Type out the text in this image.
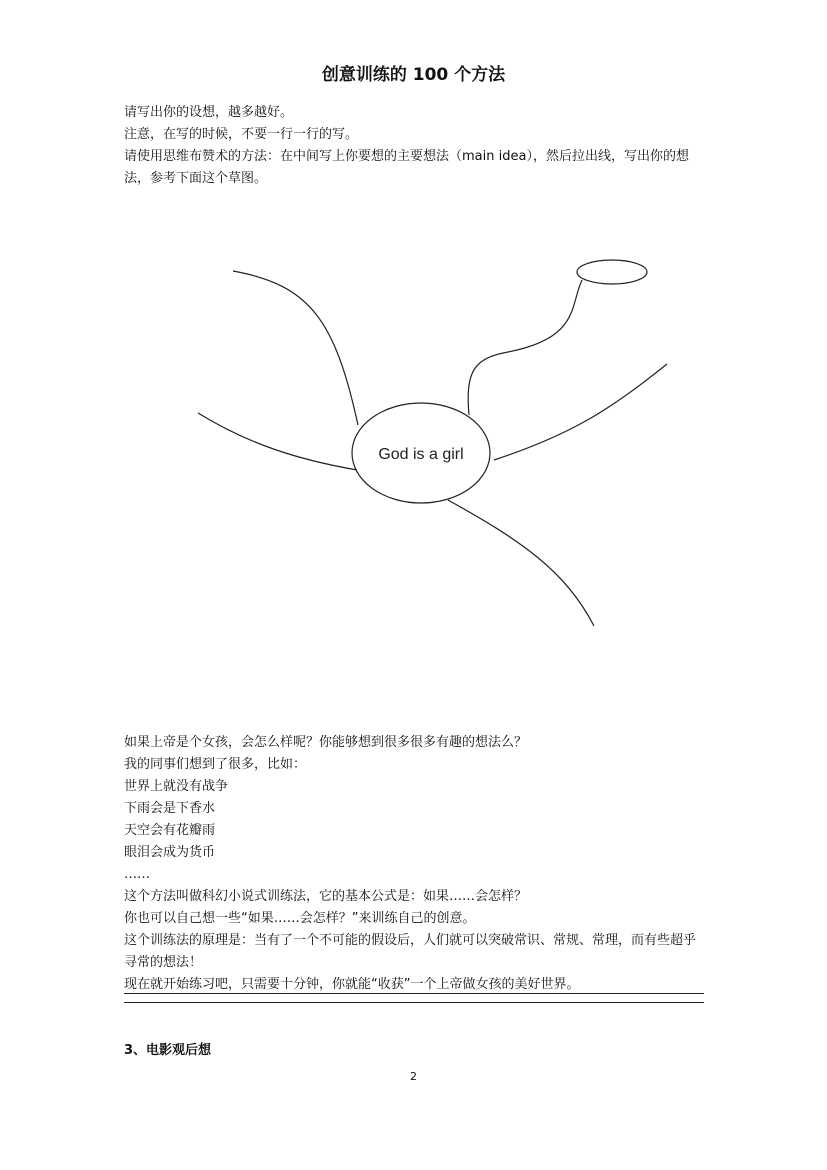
创意训练的 100 个方法

请写出你的设想，越多越好。

注意，在写的时候，不要一行一行的写。

请使用思维布赞术的方法：在中间写上你要想的主要想法（main idea），然后拉出线，写出你的想法，参考下面这个草图。

God is a girl

如果上帝是个女孩，会怎么样呢？你能够想到很多很多有趣的想法么？

我的同事们想到了很多，比如：

世界上就没有战争

下雨会是下香水

天空会有花瓣雨

眼泪会成为货币

……

这个方法叫做科幻小说式训练法，它的基本公式是：如果……会怎样？

你也可以自己想一些“如果……会怎样？”来训练自己的创意。

这个训练法的原理是：当有了一个不可能的假设后，人们就可以突破常识、常规、常理，而有些超乎寻常的想法！

现在就开始练习吧，只需要十分钟，你就能“收获”一个上帝做女孩的美好世界。

3、电影观后想
2
